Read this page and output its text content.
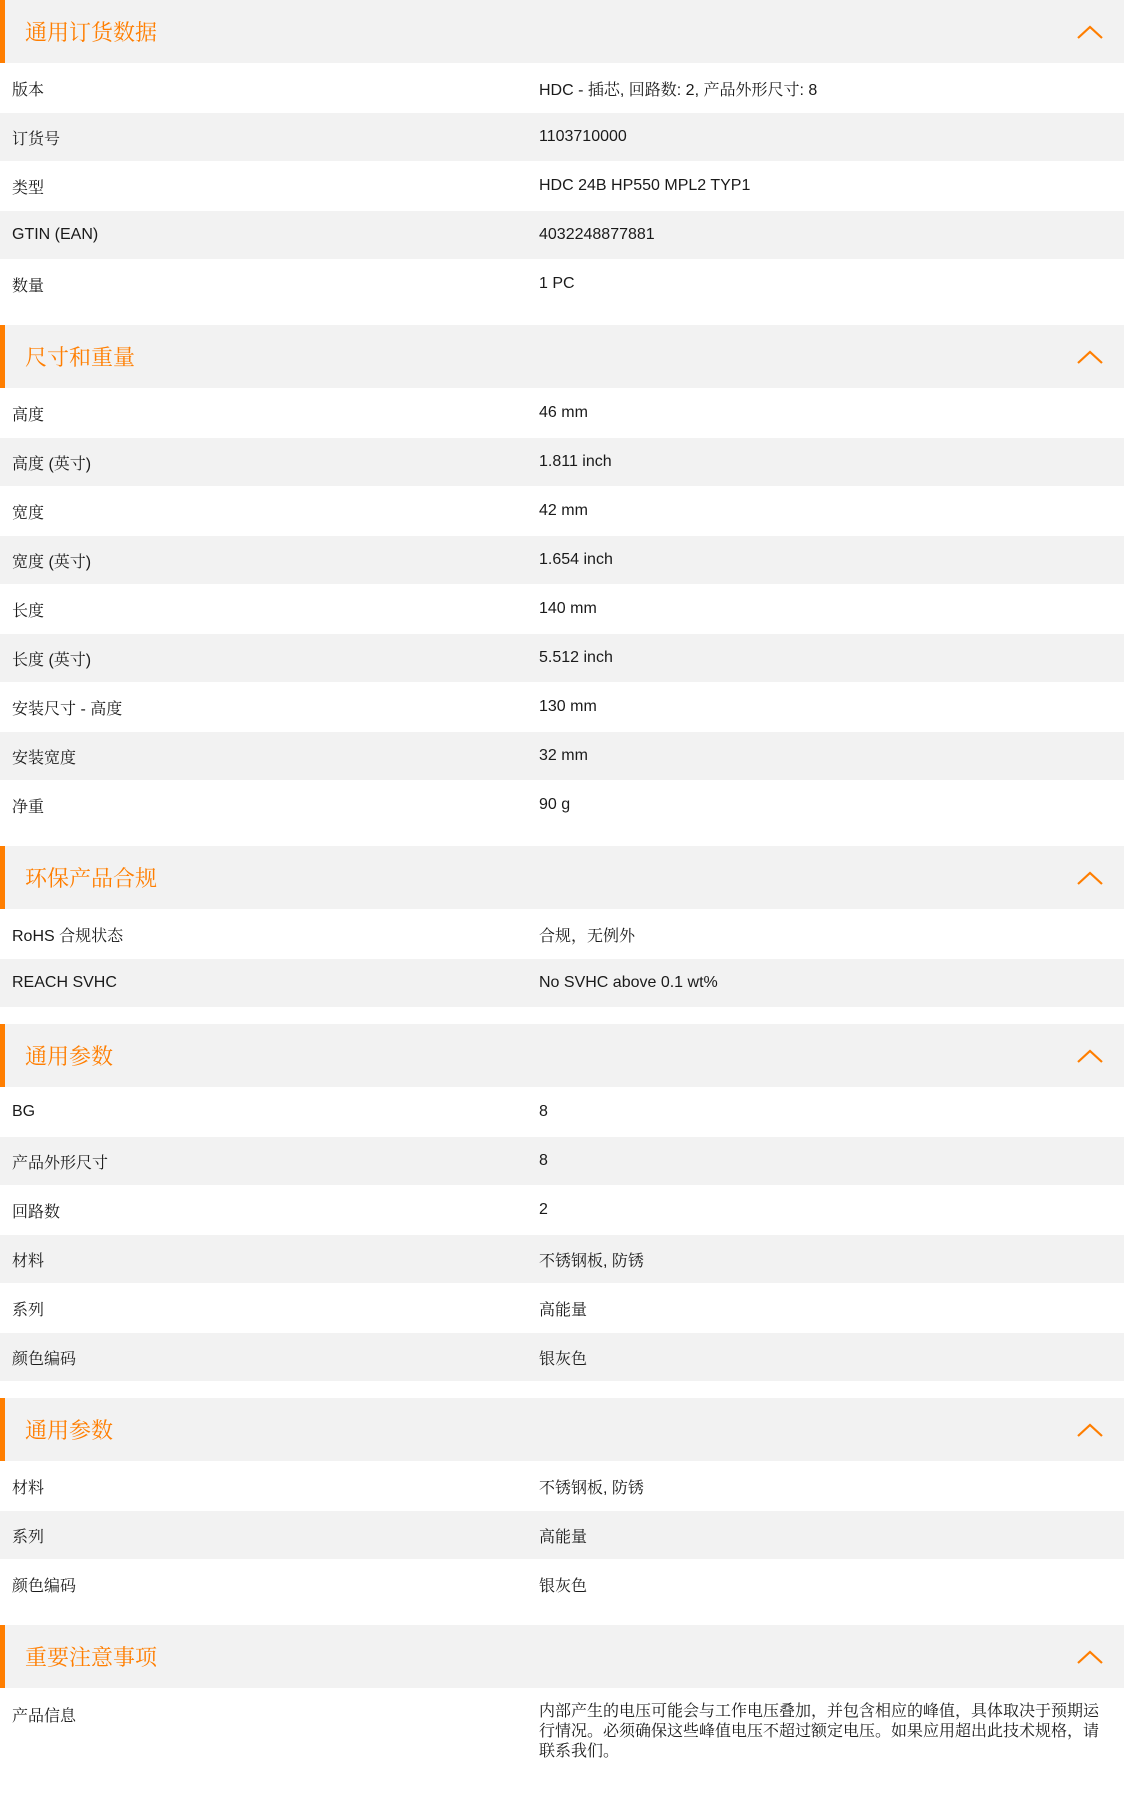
通用订货数据
版本	HDC - 插芯, 回路数: 2, 产品外形尺寸: 8
订货号	1103710000
类型	HDC 24B HP550 MPL2 TYP1
GTIN (EAN)	4032248877881
数量	1 PC
尺寸和重量
高度	46 mm
高度 (英寸)	1.811 inch
宽度	42 mm
宽度 (英寸)	1.654 inch
长度	140 mm
长度 (英寸)	5.512 inch
安装尺寸 - 高度	130 mm
安装宽度	32 mm
净重	90 g
环保产品合规
RoHS 合规状态	合规，无例外
REACH SVHC	No SVHC above 0.1 wt%
通用参数
BG	8
产品外形尺寸	8
回路数	2
材料	不锈钢板, 防锈
系列	高能量
颜色编码	银灰色
通用参数
材料	不锈钢板, 防锈
系列	高能量
颜色编码	银灰色
重要注意事项
产品信息	内部产生的电压可能会与工作电压叠加，并包含相应的峰值，具体取决于预期运行情况。必须确保这些峰值电压不超过额定电压。如果应用超出此技术规格，请联系我们。
